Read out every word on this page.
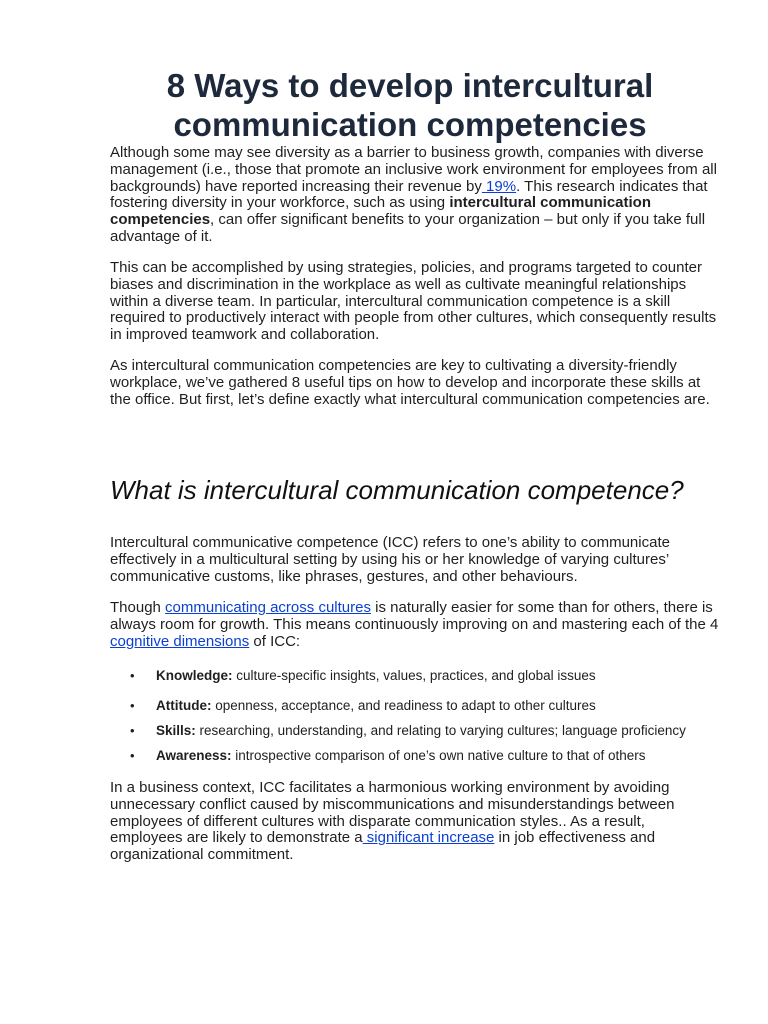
8 Ways to develop intercultural communication competencies

Although some may see diversity as a barrier to business growth, companies with diverse management (i.e., those that promote an inclusive work environment for employees from all backgrounds) have reported increasing their revenue by 19%. This research indicates that fostering diversity in your workforce, such as using intercultural communication competencies, can offer significant benefits to your organization – but only if you take full advantage of it.

This can be accomplished by using strategies, policies, and programs targeted to counter biases and discrimination in the workplace as well as cultivate meaningful relationships within a diverse team. In particular, intercultural communication competence is a skill required to productively interact with people from other cultures, which consequently results in improved teamwork and collaboration.

As intercultural communication competencies are key to cultivating a diversity-friendly workplace, we’ve gathered 8 useful tips on how to develop and incorporate these skills at the office. But first, let’s define exactly what intercultural communication competencies are.

What is intercultural communication competence?

Intercultural communicative competence (ICC) refers to one’s ability to communicate effectively in a multicultural setting by using his or her knowledge of varying cultures’ communicative customs, like phrases, gestures, and other behaviours.

Though communicating across cultures is naturally easier for some than for others, there is always room for growth. This means continuously improving on and mastering each of the 4 cognitive dimensions of ICC:

• Knowledge: culture-specific insights, values, practices, and global issues
• Attitude: openness, acceptance, and readiness to adapt to other cultures
• Skills: researching, understanding, and relating to varying cultures; language proficiency
• Awareness: introspective comparison of one’s own native culture to that of others

In a business context, ICC facilitates a harmonious working environment by avoiding unnecessary conflict caused by miscommunications and misunderstandings between employees of different cultures with disparate communication styles.. As a result, employees are likely to demonstrate a significant increase in job effectiveness and organizational commitment.
